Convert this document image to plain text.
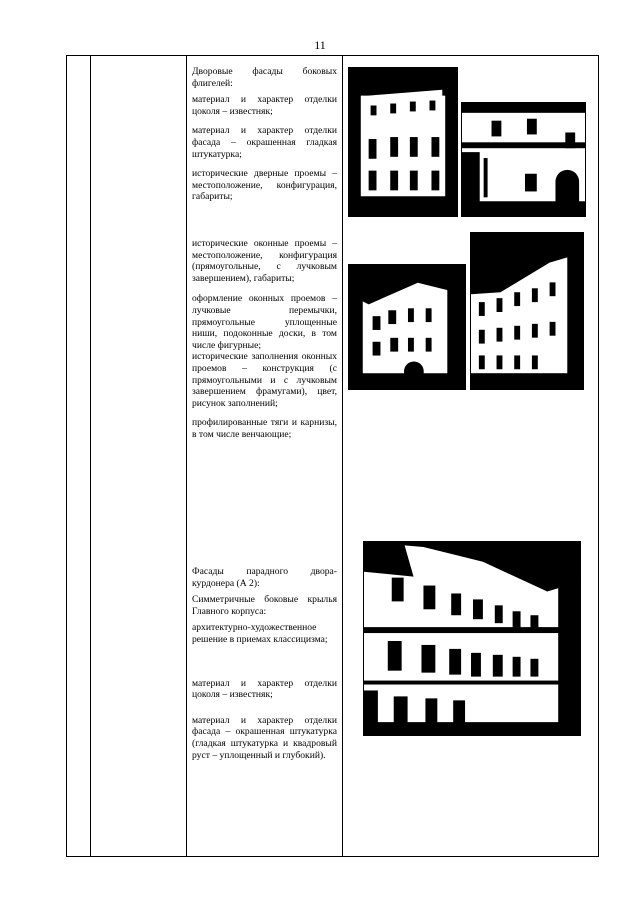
11

Дворовые фасады боковых флигелей:

материал и характер отделки цоколя – известняк;

материал и характер отделки фасада – окрашенная гладкая штукатурка;

исторические дверные проемы – местоположение, конфигурация, габариты;

исторические оконные проемы – местоположение, конфигурация (прямоугольные, с лучковым завершением), габариты;

оформление оконных проемов – лучковые перемычки, прямоугольные уплощенные ниши, подоконные доски, в том числе фигурные;

исторические заполнения оконных проемов – конструкция (с прямоугольными и с лучковым завершением фрамугами), цвет, рисунок заполнений;

профилированные тяги и карнизы, в том числе венчающие;

Фасады парадного двора-курдонера (А 2):

Симметричные боковые крылья Главного корпуса:

архитектурно-художественное решение в приемах классицизма;

материал и характер отделки цоколя – известняк;

материал и характер отделки фасада – окрашенная штукатурка (гладкая штукатурка и квадровый руст – уплощенный и глубокий).
